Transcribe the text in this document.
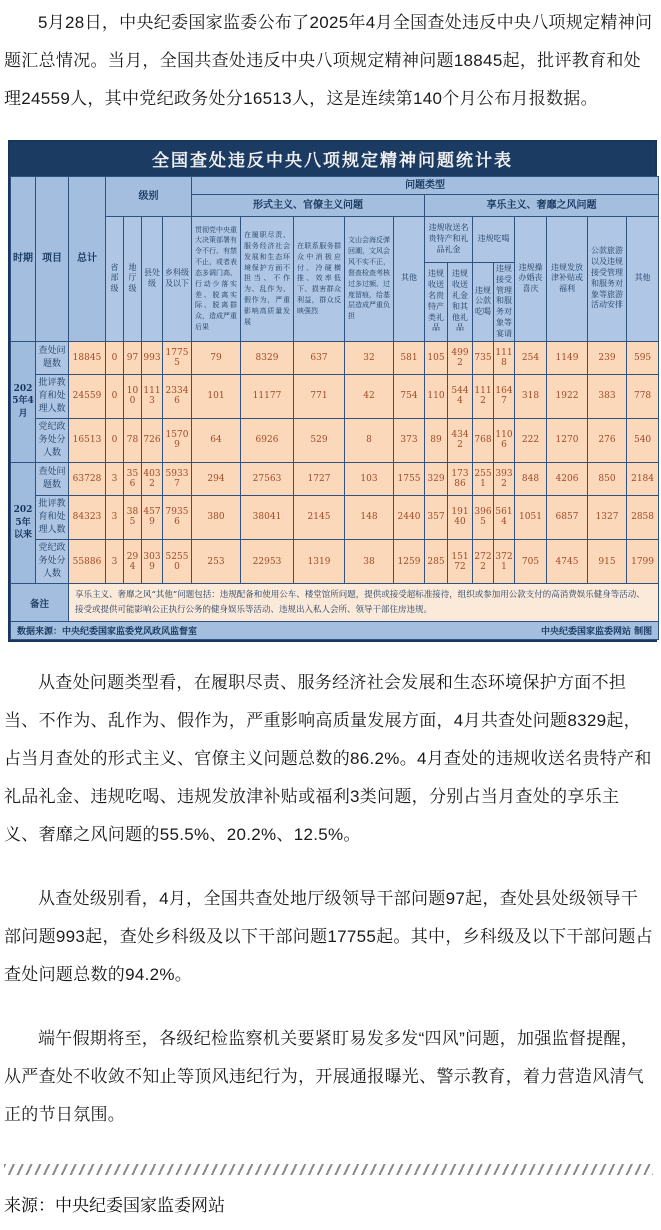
5月28日，中央纪委国家监委公布了2025年4月全国查处违反中央八项规定精神问题汇总情况。当月，全国共查处违反中央八项规定精神问题18845起，批评教育和处理24559人，其中党纪政务处分16513人，这是连续第140个月公布月报数据。

全国查处违反中央八项规定精神问题统计表
时期	项目	总计	级别				问题类型												
							形式主义、官僚主义问题					享乐主义、奢靡之风问题							
			省部级	地厅级	县处级	乡科级及以下	贯彻党中央重大决策部署有令不行、有禁不止，或者表态多调门高、行动少落实差、脱离实际、脱离群众，造成严重后果	在履职尽责、服务经济社会发展和生态环境保护方面不担当、不作为、乱作为、假作为，严重影响高质量发展	在联系服务群众中消极应付、冷硬横推、效率低下、损害群众利益，群众反映强烈	文山会海反弹回潮，文风会风不实不正，督查检查考核过多过频、过度留痕，给基层造成严重负担	其他	违规收送名贵特产和礼品礼金		违规吃喝		违规操办婚丧喜庆	违规发放津补贴或福利	公款旅游以及违规接受管理和服务对象等旅游活动安排	其他
												违规收送名贵特产类礼品	违规收送礼金和其他礼品	违规公款吃喝	违规接受管理和服务对象等宴请				
2025年4月	查处问题数	18845	0	97	993	17755	79	8329	637	32	581	105	4992	735	1118	254	1149	239	595
	批评教育和处理人数	24559	0	100	1113	23346	101	11177	771	42	754	110	5444	1112	1647	318	1922	383	778
	党纪政务处分人数	16513	0	78	726	15709	64	6926	529	8	373	89	4342	768	1106	222	1270	276	540
2025年以来	查处问题数	63728	3	356	4032	59337	294	27563	1727	103	1755	329	17386	2551	3932	848	4206	850	2184
	批评教育和处理人数	84323	3	385	4579	79356	380	38041	2145	148	2440	357	19140	3965	5614	1051	6857	1327	2858
	党纪政务处分人数	55886	3	294	3039	52550	253	22953	1319	38	1259	285	15172	2722	3721	705	4745	915	1799
备注		享乐主义、奢靡之风“其他”问题包括：违规配备和使用公车、楼堂馆所问题，提供或接受超标准接待，组织或参加用公款支付的高消费娱乐健身等活动、接受或提供可能影响公正执行公务的健身娱乐等活动、违规出入私人会所、领导干部住房违规。																	

数据来源：中央纪委国家监委党风政风监督室 中央纪委国家监委网站 制图																			

从查处问题类型看，在履职尽责、服务经济社会发展和生态环境保护方面不担当、不作为、乱作为、假作为，严重影响高质量发展方面，4月共查处问题8329起，占当月查处的形式主义、官僚主义问题总数的86.2%。4月查处的违规收送名贵特产和礼品礼金、违规吃喝、违规发放津补贴或福利3类问题，分别占当月查处的享乐主义、奢靡之风问题的55.5%、20.2%、12.5%。

从查处级别看，4月，全国共查处地厅级领导干部问题97起，查处县处级领导干部问题993起，查处乡科级及以下干部问题17755起。其中，乡科级及以下干部问题占查处问题总数的94.2%。

端午假期将至，各级纪检监察机关要紧盯易发多发“四风”问题，加强监督提醒，从严查处不收敛不知止等顶风违纪行为，开展通报曝光、警示教育，着力营造风清气正的节日氛围。

来源：中央纪委国家监委网站
